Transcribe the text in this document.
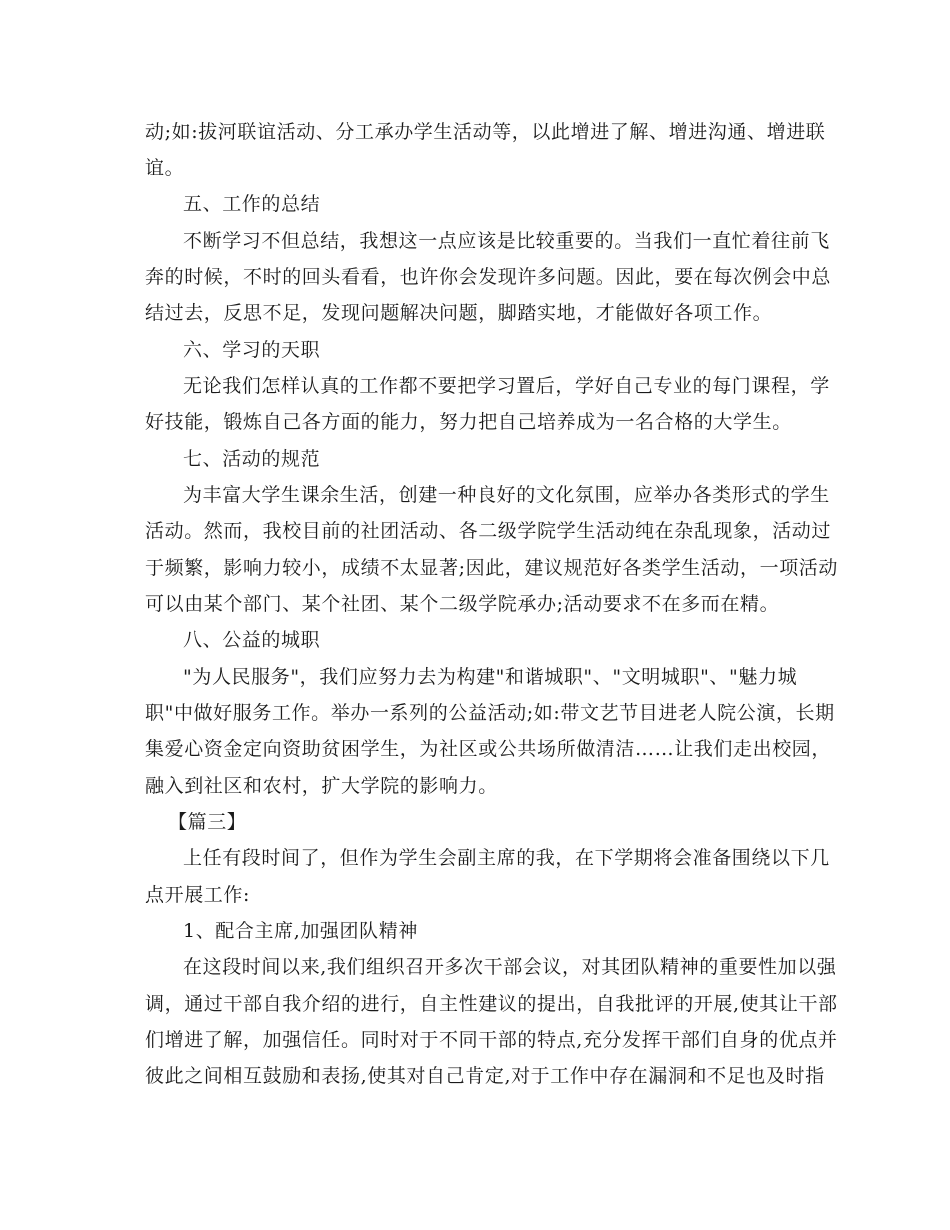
动;如:拔河联谊活动、分工承办学生活动等，以此增进了解、增进沟通、增进联
谊。
五、工作的总结
不断学习不但总结，我想这一点应该是比较重要的。当我们一直忙着往前飞
奔的时候，不时的回头看看，也许你会发现许多问题。因此，要在每次例会中总
结过去，反思不足，发现问题解决问题，脚踏实地，才能做好各项工作。
六、学习的天职
无论我们怎样认真的工作都不要把学习置后，学好自己专业的每门课程，学
好技能，锻炼自己各方面的能力，努力把自己培养成为一名合格的大学生。
七、活动的规范
为丰富大学生课余生活，创建一种良好的文化氛围，应举办各类形式的学生
活动。然而，我校目前的社团活动、各二级学院学生活动纯在杂乱现象，活动过
于频繁，影响力较小，成绩不太显著;因此，建议规范好各类学生活动，一项活动
可以由某个部门、某个社团、某个二级学院承办;活动要求不在多而在精。
八、公益的城职
"为人民服务"，我们应努力去为构建"和谐城职"、"文明城职"、"魅力城
职"中做好服务工作。举办一系列的公益活动;如:带文艺节目进老人院公演，长期
集爱心资金定向资助贫困学生，为社区或公共场所做清洁……让我们走出校园，
融入到社区和农村，扩大学院的影响力。
【篇三】
上任有段时间了，但作为学生会副主席的我，在下学期将会准备围绕以下几
点开展工作:
1、配合主席,加强团队精神
在这段时间以来,我们组织召开多次干部会议，对其团队精神的重要性加以强
调，通过干部自我介绍的进行，自主性建议的提出，自我批评的开展,使其让干部
们增进了解，加强信任。同时对于不同干部的特点,充分发挥干部们自身的优点并
彼此之间相互鼓励和表扬,使其对自己肯定,对于工作中存在漏洞和不足也及时指
